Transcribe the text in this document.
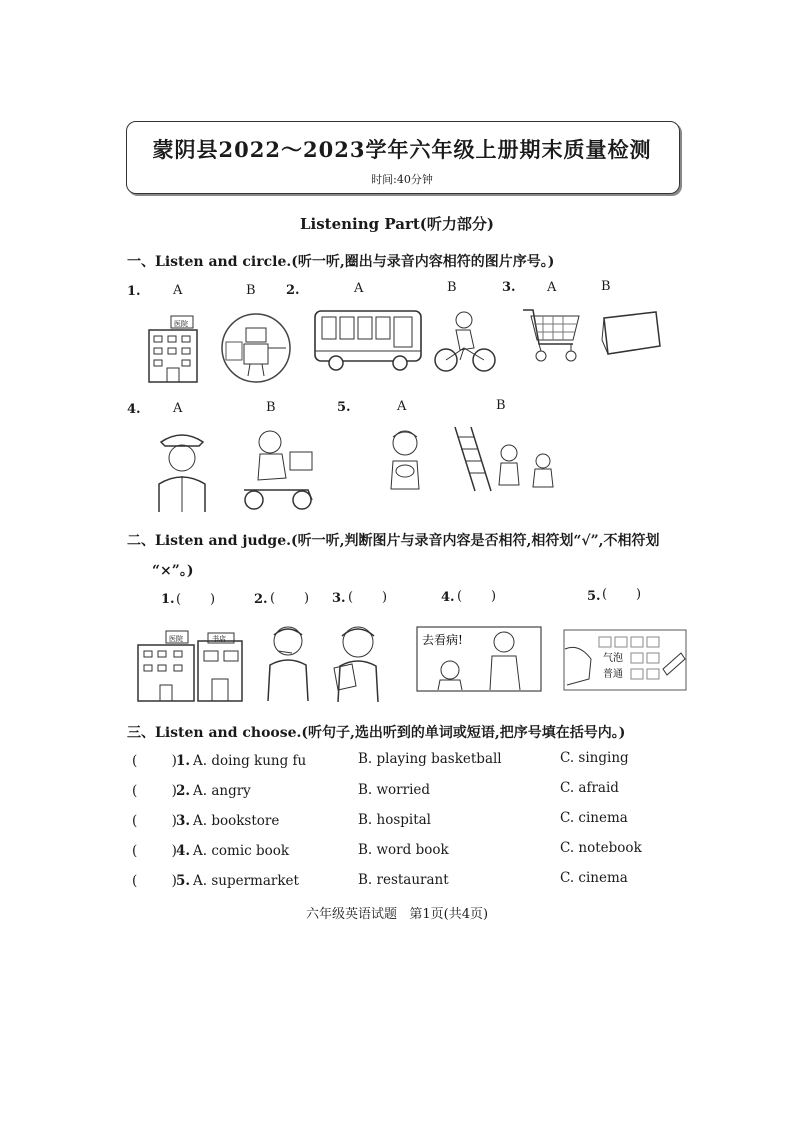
蒙阴县2022～2023学年六年级上册期末质量检测
时间:40分钟
Listening Part(听力部分)
一、Listen and circle.(听一听,圈出与录音内容相符的图片序号。)
1. A	B 2.	A	B	3. A	B
医院
4. A	B	5.	A	B
二、Listen and judge.(听一听,判断图片与录音内容是否相符,相符划“√”,不相符划
“×”。)
1. (       )	2. (       ) 3. (       )	4. (       )	5. (       )
医院	书店	去看病!
气泡
普通
三、Listen and choose.(听句子,选出听到的单词或短语,把序号填在括号内。)
(        ) 1. A. doing kung fu	B. playing basketball	C. singing
(        ) 2. A. angry	B. worried	C. afraid
(        ) 3. A. bookstore	B. hospital	C. cinema
(        ) 4. A. comic book	B. word book	C. notebook
(        ) 5. A. supermarket	B. restaurant	C. cinema
六年级英语试题   第1页(共4页)
